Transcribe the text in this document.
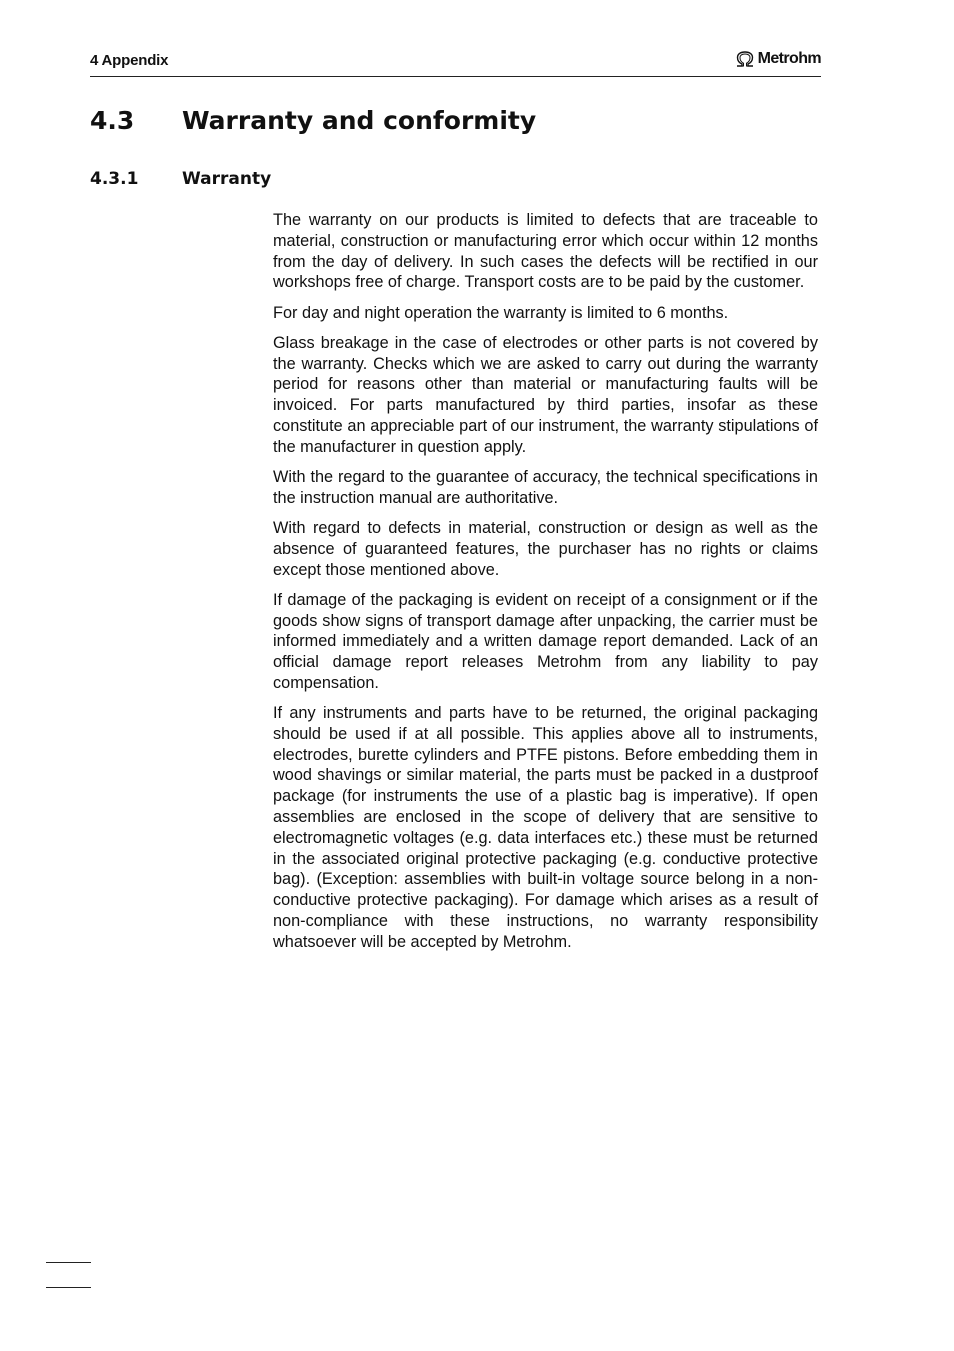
4 Appendix	Metrohm
4.3	Warranty and conformity
4.3.1	Warranty

The warranty on our products is limited to defects that are traceable to material, construction or manufacturing error which occur within 12 months from the day of delivery. In such cases the defects will be rectified in our workshops free of charge. Transport costs are to be paid by the customer.

For day and night operation the warranty is limited to 6 months.

Glass breakage in the case of electrodes or other parts is not covered by the warranty. Checks which we are asked to carry out during the warranty period for reasons other than material or manufacturing faults will be invoiced. For parts manufactured by third parties, insofar as these constitute an appreciable part of our instrument, the warranty stipulations of the manufacturer in question apply.

With the regard to the guarantee of accuracy, the technical specifications in the instruction manual are authoritative.

With regard to defects in material, construction or design as well as the absence of guaranteed features, the purchaser has no rights or claims except those mentioned above.

If damage of the packaging is evident on receipt of a consignment or if the goods show signs of transport damage after unpacking, the carrier must be informed immediately and a written damage report demanded. Lack of an official damage report releases Metrohm from any liability to pay compensation.

If any instruments and parts have to be returned, the original packaging should be used if at all possible. This applies above all to instruments, electrodes, burette cylinders and PTFE pistons. Before embedding them in wood shavings or similar material, the parts must be packed in a dustproof package (for instruments the use of a plastic bag is imperative). If open assemblies are enclosed in the scope of delivery that are sensitive to electromagnetic voltages (e.g. data interfaces etc.) these must be returned in the associated original protective packaging (e.g. conductive protective bag). (Exception: assemblies with built-in voltage source belong in a non-conductive protective packaging). For damage which arises as a result of non-compliance with these instructions, no warranty responsibility whatsoever will be accepted by Metrohm.
